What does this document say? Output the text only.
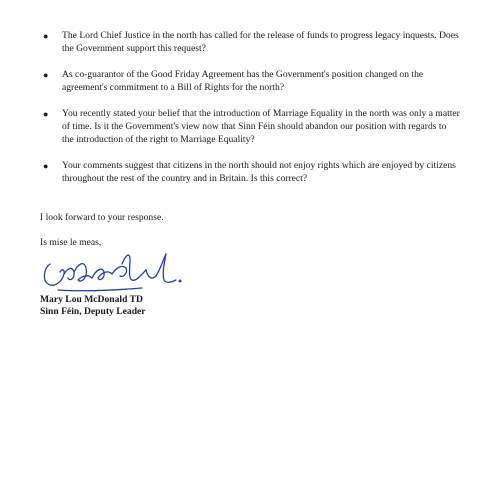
● The Lord Chief Justice in the north has called for the release of funds to progress legacy inquests. Does the Government support this request?
● As co-guarantor of the Good Friday Agreement has the Government's position changed on the agreement's commitment to a Bill of Rights for the north?
● You recently stated your belief that the introduction of Marriage Equality in the north was only a matter of time. Is it the Government's view now that Sinn Féin should abandon our position with regards to the introduction of the right to Marriage Equality?
● Your comments suggest that citizens in the north should not enjoy rights which are enjoyed by citizens throughout the rest of the country and in Britain. Is this correct?

I look forward to your response.

Is mise le meas,

Mary Lou McDonald TD

Sinn Féin, Deputy Leader
